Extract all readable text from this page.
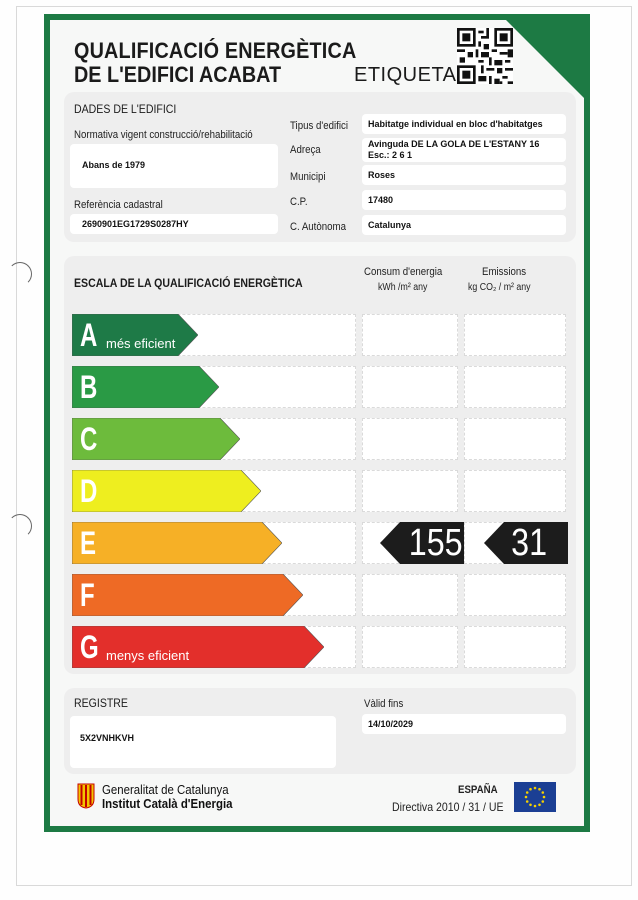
QUALIFICACIÓ ENERGÈTICA
DE L'EDIFICI ACABAT	ETIQUETA
DADES DE L'EDIFICI
Normativa vigent construcció/rehabilitació
Abans de 1979
Referència cadastral
2690901EG1729S0287HY
Tipus d'edifici Habitatge individual en bloc d'habitatges
Adreça	Avinguda DE LA GOLA DE L'ESTANY 16
Esc.: 2 6 1
Municipi	Roses
C.P.	17480
C. Autònoma Catalunya
ESCALA DE LA QUALIFICACIÓ ENERGÈTICA
Consum d'energia
kWh /m² any
Emissions
kg CO₂ / m² any
A més eficient
B
C
D
E	155 31
F
G menys eficient
REGISTRE
5X2VNHKVH
Vàlid fins
14/10/2029
Generalitat de Catalunya
Institut Català d'Energia
ESPAÑA
Directiva 2010 / 31 / UE
